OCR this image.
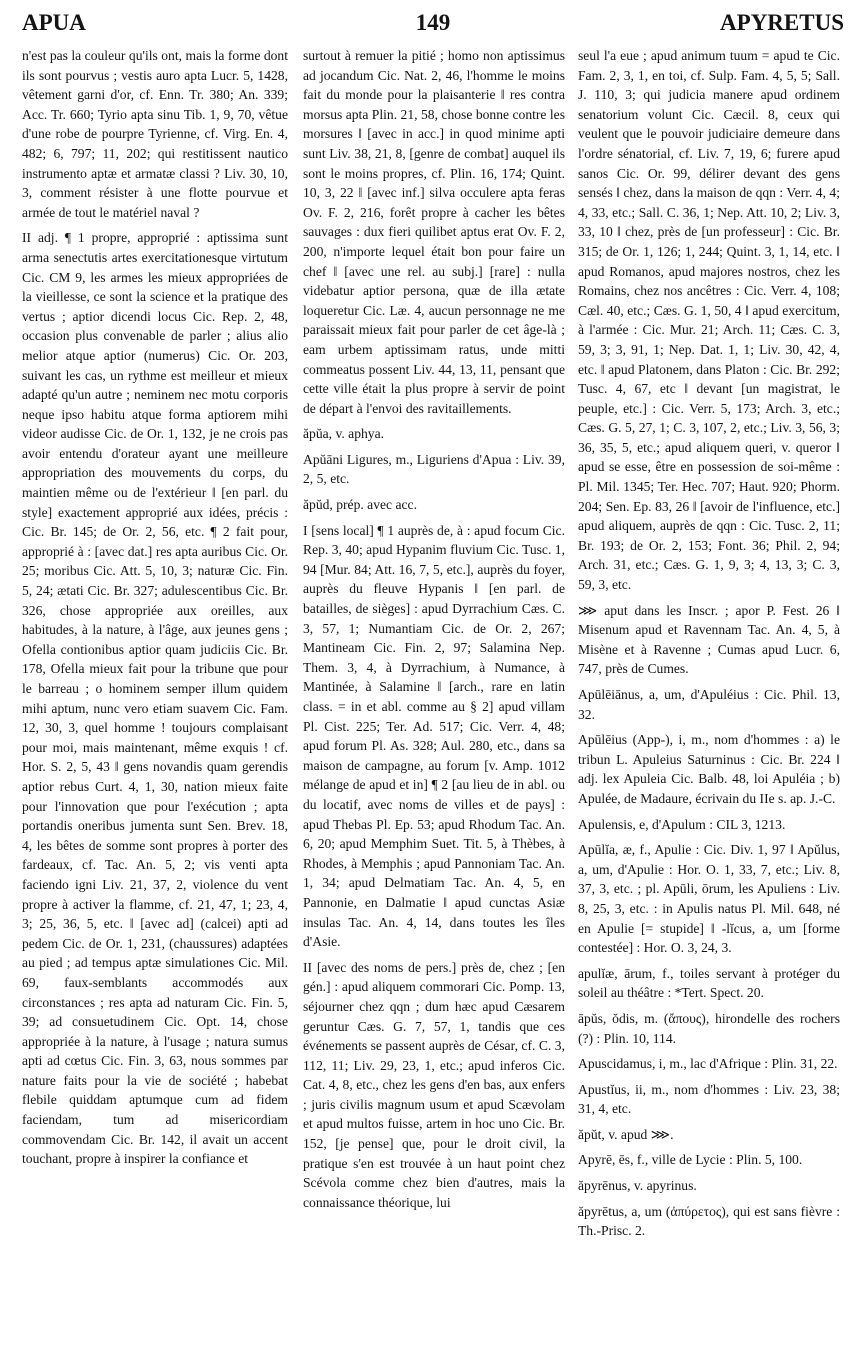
APUA	149	APYRETUS

n'est pas la couleur qu'ils ont, mais la forme dont ils sont pourvus ; vestis auro apta Lucr. 5, 1428, vêtement garni d'or, cf. Enn. Tr. 380; An. 339; Acc. Tr. 660; Tyrio apta sinu Tib. 1, 9, 70, vêtue d'une robe de pourpre Tyrienne, cf. Virg. En. 4, 482; 6, 797; 11, 202; qui restitissent nautico instrumento aptæ et armatæ classi ? Liv. 30, 10, 3, comment résister à une flotte pourvue et armée de tout le matériel naval ?

II adj. ¶ 1 propre, approprié : aptissima sunt arma senectutis artes exercitationesque virtutum Cic. CM 9, les armes les mieux appropriées de la vieillesse, ce sont la science et la pratique des vertus ; aptior dicendi locus Cic. Rep. 2, 48, occasion plus convenable de parler ; alius alio melior atque aptior (numerus) Cic. Or. 203, suivant les cas, un rythme est meilleur et mieux adapté qu'un autre ; neminem nec motu corporis neque ipso habitu atque forma aptiorem mihi videor audisse Cic. de Or. 1, 132, je ne crois pas avoir entendu d'orateur ayant une meilleure appropriation des mouvements du corps, du maintien même ou de l'extérieur ‖ [en parl. du style] exactement approprié aux idées, précis : Cic. Br. 145; de Or. 2, 56, etc. ¶ 2 fait pour, approprié à : [avec dat.] res apta auribus Cic. Or. 25; moribus Cic. Att. 5, 10, 3; naturæ Cic. Fin. 5, 24; ætati Cic. Br. 327; adulescentibus Cic. Br. 326, chose appropriée aux oreilles, aux habitudes, à la nature, à l'âge, aux jeunes gens ; Ofella contionibus aptior quam judiciis Cic. Br. 178, Ofella mieux fait pour la tribune que pour le barreau ; o hominem semper illum quidem mihi aptum, nunc vero etiam suavem Cic. Fam. 12, 30, 3, quel homme ! toujours complaisant pour moi, mais maintenant, même exquis ! cf. Hor. S. 2, 5, 43 ‖ gens novandis quam gerendis aptior rebus Curt. 4, 1, 30, nation mieux faite pour l'innovation que pour l'exécution ; apta portandis oneribus jumenta sunt Sen. Brev. 18, 4, les bêtes de somme sont propres à porter des fardeaux, cf. Tac. An. 5, 2; vis venti apta faciendo igni Liv. 21, 37, 2, violence du vent propre à activer la flamme, cf. 21, 47, 1; 23, 4, 3; 25, 36, 5, etc. ‖ [avec ad] (calcei) apti ad pedem Cic. de Or. 1, 231, (chaussures) adaptées au pied ; ad tempus aptæ simulationes Cic. Mil. 69, faux-semblants accommodés aux circonstances ; res apta ad naturam Cic. Fin. 5, 39; ad consuetudinem Cic. Opt. 14, chose appropriée à la nature, à l'usage ; natura sumus apti ad cœtus Cic. Fin. 3, 63, nous sommes par nature faits pour la vie de société ; habebat flebile quiddam aptumque cum ad fidem faciendam, tum ad misericordiam commovendam Cic. Br. 142, il avait un accent touchant, propre à inspirer la confiance et

surtout à remuer la pitié ; homo non aptissimus ad jocandum Cic. Nat. 2, 46, l'homme le moins fait du monde pour la plaisanterie ‖ res contra morsus apta Plin. 21, 58, chose bonne contre les morsures ‖ [avec in acc.] in quod minime apti sunt Liv. 38, 21, 8, [genre de combat] auquel ils sont le moins propres, cf. Plin. 16, 174; Quint. 10, 3, 22 ‖ [avec inf.] silva occulere apta feras Ov. F. 2, 216, forêt propre à cacher les bêtes sauvages : dux fieri quilibet aptus erat Ov. F. 2, 200, n'importe lequel était bon pour faire un chef ‖ [avec une rel. au subj.] [rare] : nulla videbatur aptior persona, quæ de illa ætate loqueretur Cic. Læ. 4, aucun personnage ne me paraissait mieux fait pour parler de cet âge-là ; eam urbem aptissimam ratus, unde mitti commeatus possent Liv. 44, 13, 11, pensant que cette ville était la plus propre à servir de point de départ à l'envoi des ravitaillements.

ăpŭa, v. aphya.

Apŭāni Ligures, m., Liguriens d'Apua : Liv. 39, 2, 5, etc.

ăpŭd, prép. avec acc.

I [sens local] ¶ 1 auprès de, à : apud focum Cic. Rep. 3, 40; apud Hypanim fluvium Cic. Tusc. 1, 94 [Mur. 84; Att. 16, 7, 5, etc.], auprès du foyer, auprès du fleuve Hypanis ‖ [en parl. de batailles, de sièges] : apud Dyrrachium Cæs. C. 3, 57, 1; Numantiam Cic. de Or. 2, 267; Mantineam Cic. Fin. 2, 97; Salamina Nep. Them. 3, 4, à Dyrrachium, à Numance, à Mantinée, à Salamine ‖ [arch., rare en latin class. = in et abl. comme au § 2] apud villam Pl. Cist. 225; Ter. Ad. 517; Cic. Verr. 4, 48; apud forum Pl. As. 328; Aul. 280, etc., dans sa maison de campagne, au forum [v. Amp. 1012 mélange de apud et in] ¶ 2 [au lieu de in abl. ou du locatif, avec noms de villes et de pays] : apud Thebas Pl. Ep. 53; apud Rhodum Tac. An. 6, 20; apud Memphim Suet. Tit. 5, à Thèbes, à Rhodes, à Memphis ; apud Pannoniam Tac. An. 1, 34; apud Delmatiam Tac. An. 4, 5, en Pannonie, en Dalmatie ‖ apud cunctas Asiæ insulas Tac. An. 4, 14, dans toutes les îles d'Asie.

II [avec des noms de pers.] près de, chez ; [en gén.] : apud aliquem commorari Cic. Pomp. 13, séjourner chez qqn ; dum hæc apud Cæsarem geruntur Cæs. G. 7, 57, 1, tandis que ces événements se passent auprès de César, cf. C. 3, 112, 11; Liv. 29, 23, 1, etc.; apud inferos Cic. Cat. 4, 8, etc., chez les gens d'en bas, aux enfers ; juris civilis magnum usum et apud Scævolam et apud multos fuisse, artem in hoc uno Cic. Br. 152, [je pense] que, pour le droit civil, la pratique s'en est trouvée à un haut point chez Scévola comme chez bien d'autres, mais la connaissance théorique, lui

seul l'a eue ; apud animum tuum = apud te Cic. Fam. 2, 3, 1, en toi, cf. Sulp. Fam. 4, 5, 5; Sall. J. 110, 3; qui judicia manere apud ordinem senatorium volunt Cic. Cæcil. 8, ceux qui veulent que le pouvoir judiciaire demeure dans l'ordre sénatorial, cf. Liv. 7, 19, 6; furere apud sanos Cic. Or. 99, délirer devant des gens sensés ‖ chez, dans la maison de qqn : Verr. 4, 4; 4, 33, etc.; Sall. C. 36, 1; Nep. Att. 10, 2; Liv. 3, 33, 10 ‖ chez, près de [un professeur] : Cic. Br. 315; de Or. 1, 126; 1, 244; Quint. 3, 1, 14, etc. ‖ apud Romanos, apud majores nostros, chez les Romains, chez nos ancêtres : Cic. Verr. 4, 108; Cæl. 40, etc.; Cæs. G. 1, 50, 4 ‖ apud exercitum, à l'armée : Cic. Mur. 21; Arch. 11; Cæs. C. 3, 59, 3; 3, 91, 1; Nep. Dat. 1, 1; Liv. 30, 42, 4, etc. ‖ apud Platonem, dans Platon : Cic. Br. 292; Tusc. 4, 67, etc ‖ devant [un magistrat, le peuple, etc.] : Cic. Verr. 5, 173; Arch. 3, etc.; Cæs. G. 5, 27, 1; C. 3, 107, 2, etc.; Liv. 3, 56, 3; 36, 35, 5, etc.; apud aliquem queri, v. queror ‖ apud se esse, être en possession de soi-même : Pl. Mil. 1345; Ter. Hec. 707; Haut. 920; Phorm. 204; Sen. Ep. 83, 26 ‖ [avoir de l'influence, etc.] apud aliquem, auprès de qqn : Cic. Tusc. 2, 11; Br. 193; de Or. 2, 153; Font. 36; Phil. 2, 94; Arch. 31, etc.; Cæs. G. 1, 9, 3; 4, 13, 3; C. 3, 59, 3, etc.

⋙ aput dans les Inscr. ; apor P. Fest. 26 ‖ Misenum apud et Ravennam Tac. An. 4, 5, à Misène et à Ravenne ; Cumas apud Lucr. 6, 747, près de Cumes.

Apūlēiānus, a, um, d'Apuléius : Cic. Phil. 13, 32.

Apūlēius (App-), i, m., nom d'hommes : a) le tribun L. Apuleius Saturninus : Cic. Br. 224 ‖ adj. lex Apuleia Cic. Balb. 48, loi Apuléia ; b) Apulée, de Madaure, écrivain du IIe s. ap. J.-C.

Apulensis, e, d'Apulum : CIL 3, 1213.

Apūlĭa, æ, f., Apulie : Cic. Div. 1, 97 ‖ Apŭlus, a, um, d'Apulie : Hor. O. 1, 33, 7, etc.; Liv. 8, 37, 3, etc. ; pl. Apūli, ōrum, les Apuliens : Liv. 8, 25, 3, etc. : in Apulis natus Pl. Mil. 648, né en Apulie [= stupide] ‖ -lĭcus, a, um [forme contestée] : Hor. O. 3, 24, 3.

apulĭæ, ārum, f., toiles servant à protéger du soleil au théâtre : *Tert. Spect. 20.

āpŭs, ŏdis, m. (ἄπους), hirondelle des rochers (?) : Plin. 10, 114.

Apuscidamus, i, m., lac d'Afrique : Plin. 31, 22.

Apustĭus, ii, m., nom d'hommes : Liv. 23, 38; 31, 4, etc.

ăpŭt, v. apud ⋙.

Apyrē, ēs, f., ville de Lycie : Plin. 5, 100.

ăpyrēnus, v. apyrinus.

ăpyrētus, a, um (ἀπύρετος), qui est sans fièvre : Th.-Prisc. 2.
